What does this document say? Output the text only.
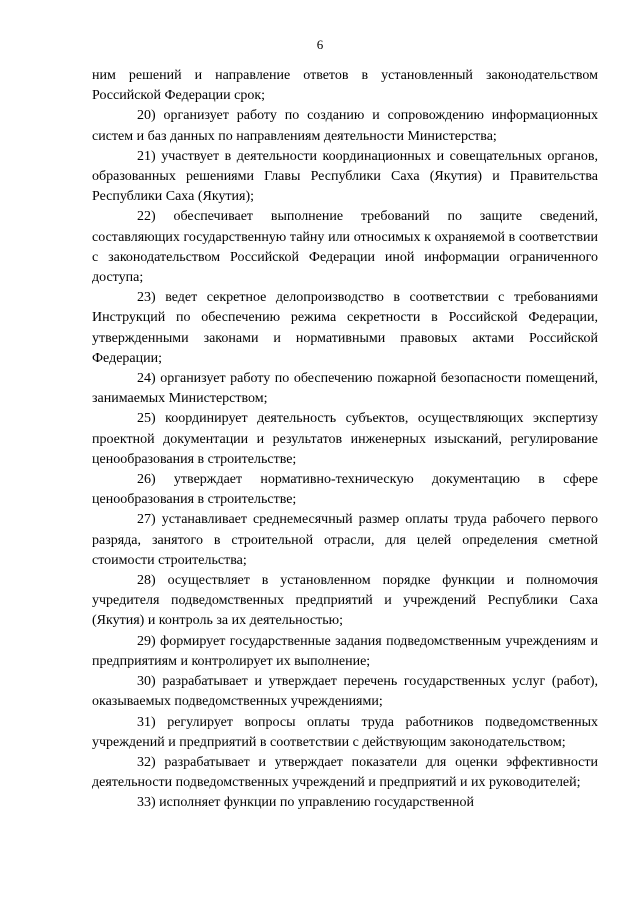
6

ним решений и направление ответов в установленный законодательством Российской Федерации срок;

20) организует работу по созданию и сопровождению информационных систем и баз данных по направлениям деятельности Министерства;

21) участвует в деятельности координационных и совещательных органов, образованных решениями Главы Республики Саха (Якутия) и Правительства Республики Саха (Якутия);

22) обеспечивает выполнение требований по защите сведений, составляющих государственную тайну или относимых к охраняемой в соответствии с законодательством Российской Федерации иной информации ограниченного доступа;

23) ведет секретное делопроизводство в соответствии с требованиями Инструкций по обеспечению режима секретности в Российской Федерации, утвержденными законами и нормативными правовых актами Российской Федерации;

24) организует работу по обеспечению пожарной безопасности помещений, занимаемых Министерством;

25) координирует деятельность субъектов, осуществляющих экспертизу проектной документации и результатов инженерных изысканий, регулирование ценообразования в строительстве;

26) утверждает нормативно-техническую документацию в сфере ценообразования в строительстве;

27) устанавливает среднемесячный размер оплаты труда рабочего первого разряда, занятого в строительной отрасли, для целей определения сметной стоимости строительства;

28) осуществляет в установленном порядке функции и полномочия учредителя подведомственных предприятий и учреждений Республики Саха (Якутия) и контроль за их деятельностью;

29) формирует государственные задания подведомственным учреждениям и предприятиям и контролирует их выполнение;

30) разрабатывает и утверждает перечень государственных услуг (работ), оказываемых подведомственных учреждениями;

31) регулирует вопросы оплаты труда работников подведомственных учреждений и предприятий в соответствии с действующим законодательством;

32) разрабатывает и утверждает показатели для оценки эффективности деятельности подведомственных учреждений и предприятий и их руководителей;

33) исполняет функции по управлению государственной
